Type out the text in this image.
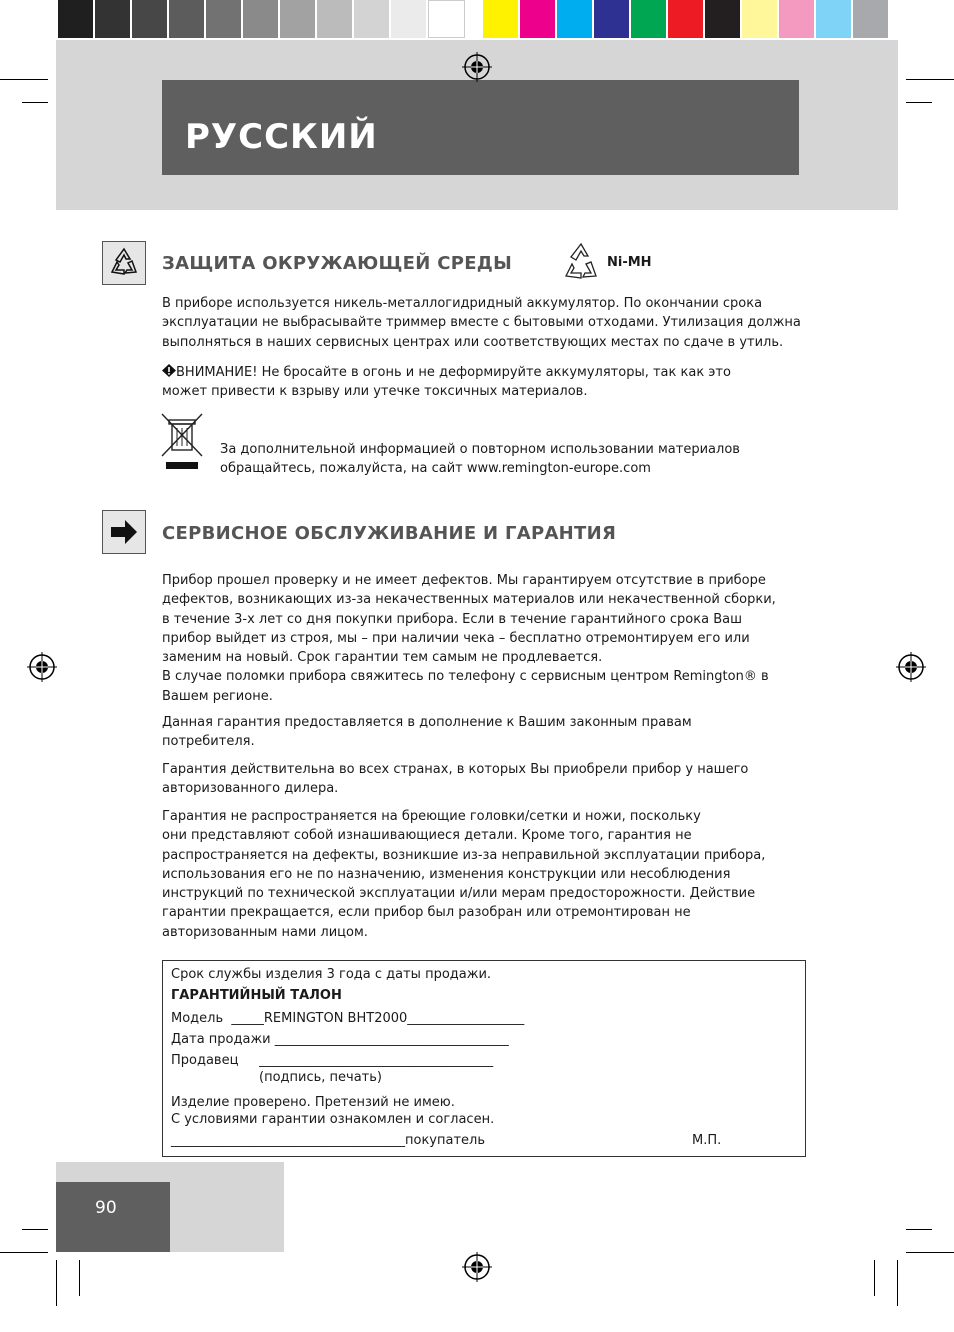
РУССКИЙ
ЗАЩИТА ОКРУЖАЮЩЕЙ СРЕДЫ	Ni-MH

В приборе используется никель-металлогидридный аккумулятор. По окончании срока
эксплуатации не выбрасывайте триммер вместе с бытовыми отходами. Утилизация должна
выполняться в наших сервисных центрах или соответствующих местах по сдаче в утиль.

ВНИМАНИЕ! Не бросайте в огонь и не деформируйте аккумуляторы, так как это
может привести к взрыву или утечке токсичных материалов.

За дополнительной информацией о повторном использовании материалов
обращайтесь, пожалуйста, на сайт www.remington-europe.com

СЕРВИСНОЕ ОБСЛУЖИВАНИЕ И ГАРАНТИЯ

Прибор прошел проверку и не имеет дефектов. Мы гарантируем отсутствие в приборе
дефектов, возникающих из-за некачественных материалов или некачественной сборки,
в течение 3-х лет со дня покупки прибора. Если в течение гарантийного срока Ваш
прибор выйдет из строя, мы – при наличии чека – бесплатно отремонтируем его или
заменим на новый. Срок гарантии тем самым не продлевается.
В случае поломки прибора свяжитесь по телефону с сервисным центром Remington® в
Вашем регионе.

Данная гарантия предоставляется в дополнение к Вашим законным правам
потребителя.

Гарантия действительна во всех странах, в которых Вы приобрели прибор у нашего
авторизованного дилера.

Гарантия не распространяется на бреющие головки/сетки и ножи, поскольку
они представляют собой изнашивающиеся детали. Кроме того, гарантия не
распространяется на дефекты, возникшие из-за неправильной эксплуатации прибора,
использования его не по назначению, изменения конструкции или несоблюдения
инструкций по технической эксплуатации и/или мерам предосторожности. Действие
гарантии прекращается, если прибор был разобран или отремонтирован не
авторизованным нами лицом.

Срок службы изделия 3 года с даты продажи.

ГАРАНТИЙНЫЙ ТАЛОН

Модель  _____REMINGTON BHT2000__________________

Дата продажи ____________________________________

Продавец     ____________________________________

(подпись, печать)

Изделие проверено. Претензий не имею.

С условиями гарантии ознакомлен и согласен.

____________________________________покупатель	М.П.

90
